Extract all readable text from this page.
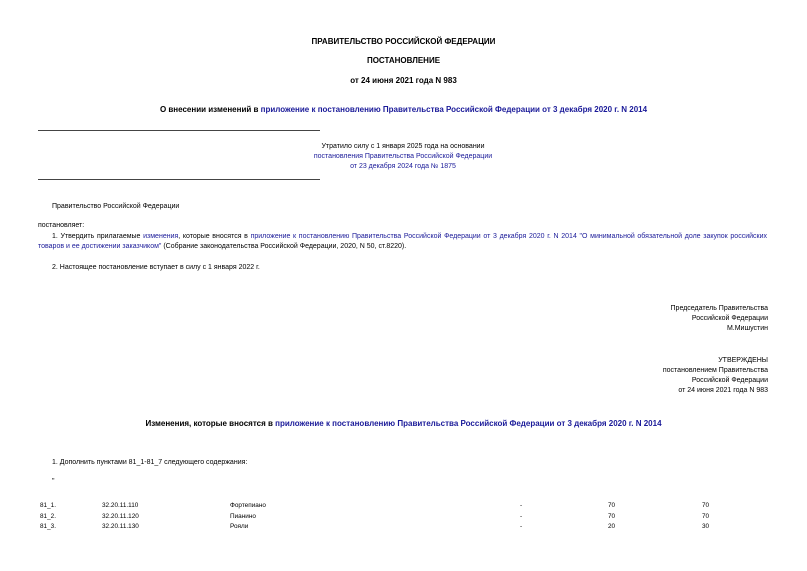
ПРАВИТЕЛЬСТВО РОССИЙСКОЙ ФЕДЕРАЦИИ
ПОСТАНОВЛЕНИЕ
от 24 июня 2021 года N 983
О внесении изменений в приложение к постановлению Правительства Российской Федерации от 3 декабря 2020 г. N 2014
Утратило силу с 1 января 2025 года на основании
постановления Правительства Российской Федерации
от 23 декабря 2024 года № 1875
Правительство Российской Федерации
постановляет:
1. Утвердить прилагаемые изменения, которые вносятся в приложение к постановлению Правительства Российской Федерации от 3 декабря 2020 г. N 2014 "О минимальной обязательной доле закупок российских товаров и ее достижении заказчиком" (Собрание законодательства Российской Федерации, 2020, N 50, ст.8220).
2. Настоящее постановление вступает в силу с 1 января 2022 г.
Председатель Правительства
Российской Федерации
М.Мишустин
УТВЕРЖДЕНЫ
постановлением Правительства
Российской Федерации
от 24 июня 2021 года N 983
Изменения, которые вносятся в приложение к постановлению Правительства Российской Федерации от 3 декабря 2020 г. N 2014
1. Дополнить пунктами 81_1-81_7 следующего содержания:
"
81_1.	32.20.11.110	Фортепиано	-	70	70
81_2.	32.20.11.120	Пианино	-	70	70
81_3.	32.20.11.130	Рояли	-	20	30
